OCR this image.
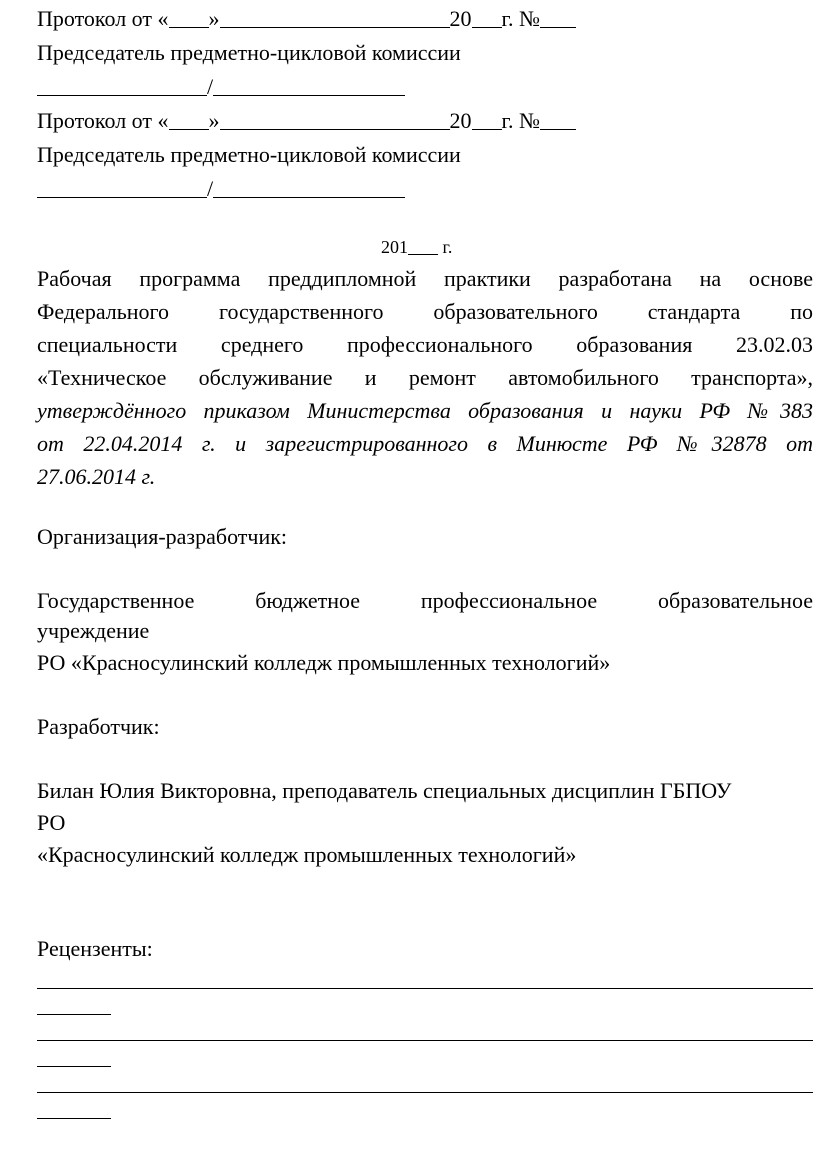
Протокол от « »	20 г. №
Председатель предметно-цикловой комиссии
/
Протокол от « »	20 г. №
Председатель предметно-цикловой комиссии
/
201 г.
Рабочая программа преддипломной практики разработана на основе
Федерального государственного образовательного стандарта по
специальности среднего профессионального образования 23.02.03
«Техническое обслуживание и ремонт автомобильного транспорта»,
утверждённого приказом Министерства образования и науки РФ №383
от 22.04.2014 г. и зарегистрированного в Минюсте РФ №32878 от
27.06.2014 г.
Организация-разработчик:
Государственное бюджетное профессиональное образовательное
учреждение
РО «Красносулинский колледж промышленных технологий»
Разработчик:
Билан Юлия Викторовна, преподаватель специальных дисциплин ГБПОУ
РО
«Красносулинский колледж промышленных технологий»
Рецензенты:
